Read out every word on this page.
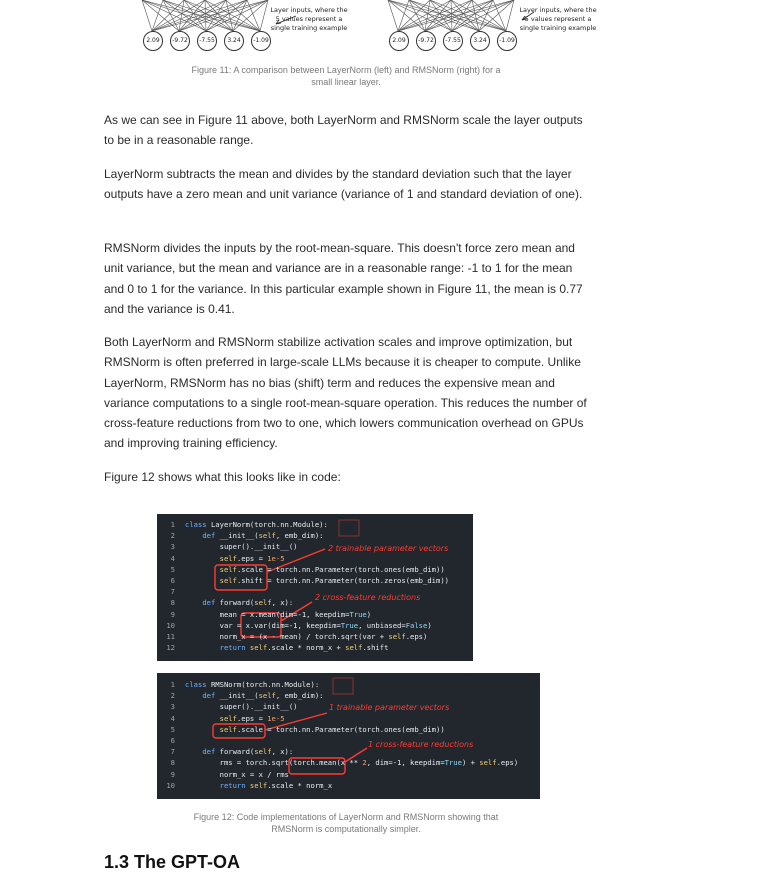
2.09	-9.72	-7.55	3.24	-1.09	2.09	-9.72	-7.55	3.24	-1.09
Layer inputs, where the 5 values represent a single training example
Layer inputs, where the 5 values represent a single training example
Figure 11: A comparison between LayerNorm (left) and RMSNorm (right) for a small linear layer.

As we can see in Figure 11 above, both LayerNorm and RMSNorm scale the layer outputs to be in a reasonable range.

LayerNorm subtracts the mean and divides by the standard deviation such that the layer outputs have a zero mean and unit variance (variance of 1 and standard deviation of one).

RMSNorm divides the inputs by the root-mean-square. This doesn't force zero mean and unit variance, but the mean and variance are in a reasonable range: -1 to 1 for the mean and 0 to 1 for the variance. In this particular example shown in Figure 11, the mean is 0.77 and the variance is 0.41.

Both LayerNorm and RMSNorm stabilize activation scales and improve optimization, but RMSNorm is often preferred in large-scale LLMs because it is cheaper to compute. Unlike LayerNorm, RMSNorm has no bias (shift) term and reduces the expensive mean and variance computations to a single root-mean-square operation. This reduces the number of cross-feature reductions from two to one, which lowers communication overhead on GPUs and improving training efficiency.

Figure 12 shows what this looks like in code:

2 trainable parameter vectors
2 cross-feature reductions
1 class LayerNorm(torch.nn.Module):
2	def __init__(self, emb_dim):
3 super().__init__()
4	self.eps = 1e-5
5	self.scale = torch.nn.Parameter(torch.ones(emb_dim))
6	self.shift = torch.nn.Parameter(torch.zeros(emb_dim))
7
8	def forward(self, x):
9 mean = x.mean(dim=-1, keepdim=True)
10 var = x.var(dim=-1, keepdim=True, unbiased=False)
11 norm_x = (x - mean) / torch.sqrt(var + self.eps)
12	return self.scale * norm_x + self.shift
1 trainable parameter vectors
1 cross-feature reductions
1 class RMSNorm(torch.nn.Module):
2	def __init__(self, emb_dim):
3 super().__init__()
4	self.eps = 1e-5
5	self.scale = torch.nn.Parameter(torch.ones(emb_dim))
6
7	def forward(self, x):
8 rms = torch.sqrt(torch.mean(x ** 2, dim=-1, keepdim=True) + self.eps)
9 norm_x = x / rms
10	return self.scale * norm_x
Figure 12: Code implementations of LayerNorm and RMSNorm showing that RMSNorm is computationally simpler.
1.3 The GPT-OA
